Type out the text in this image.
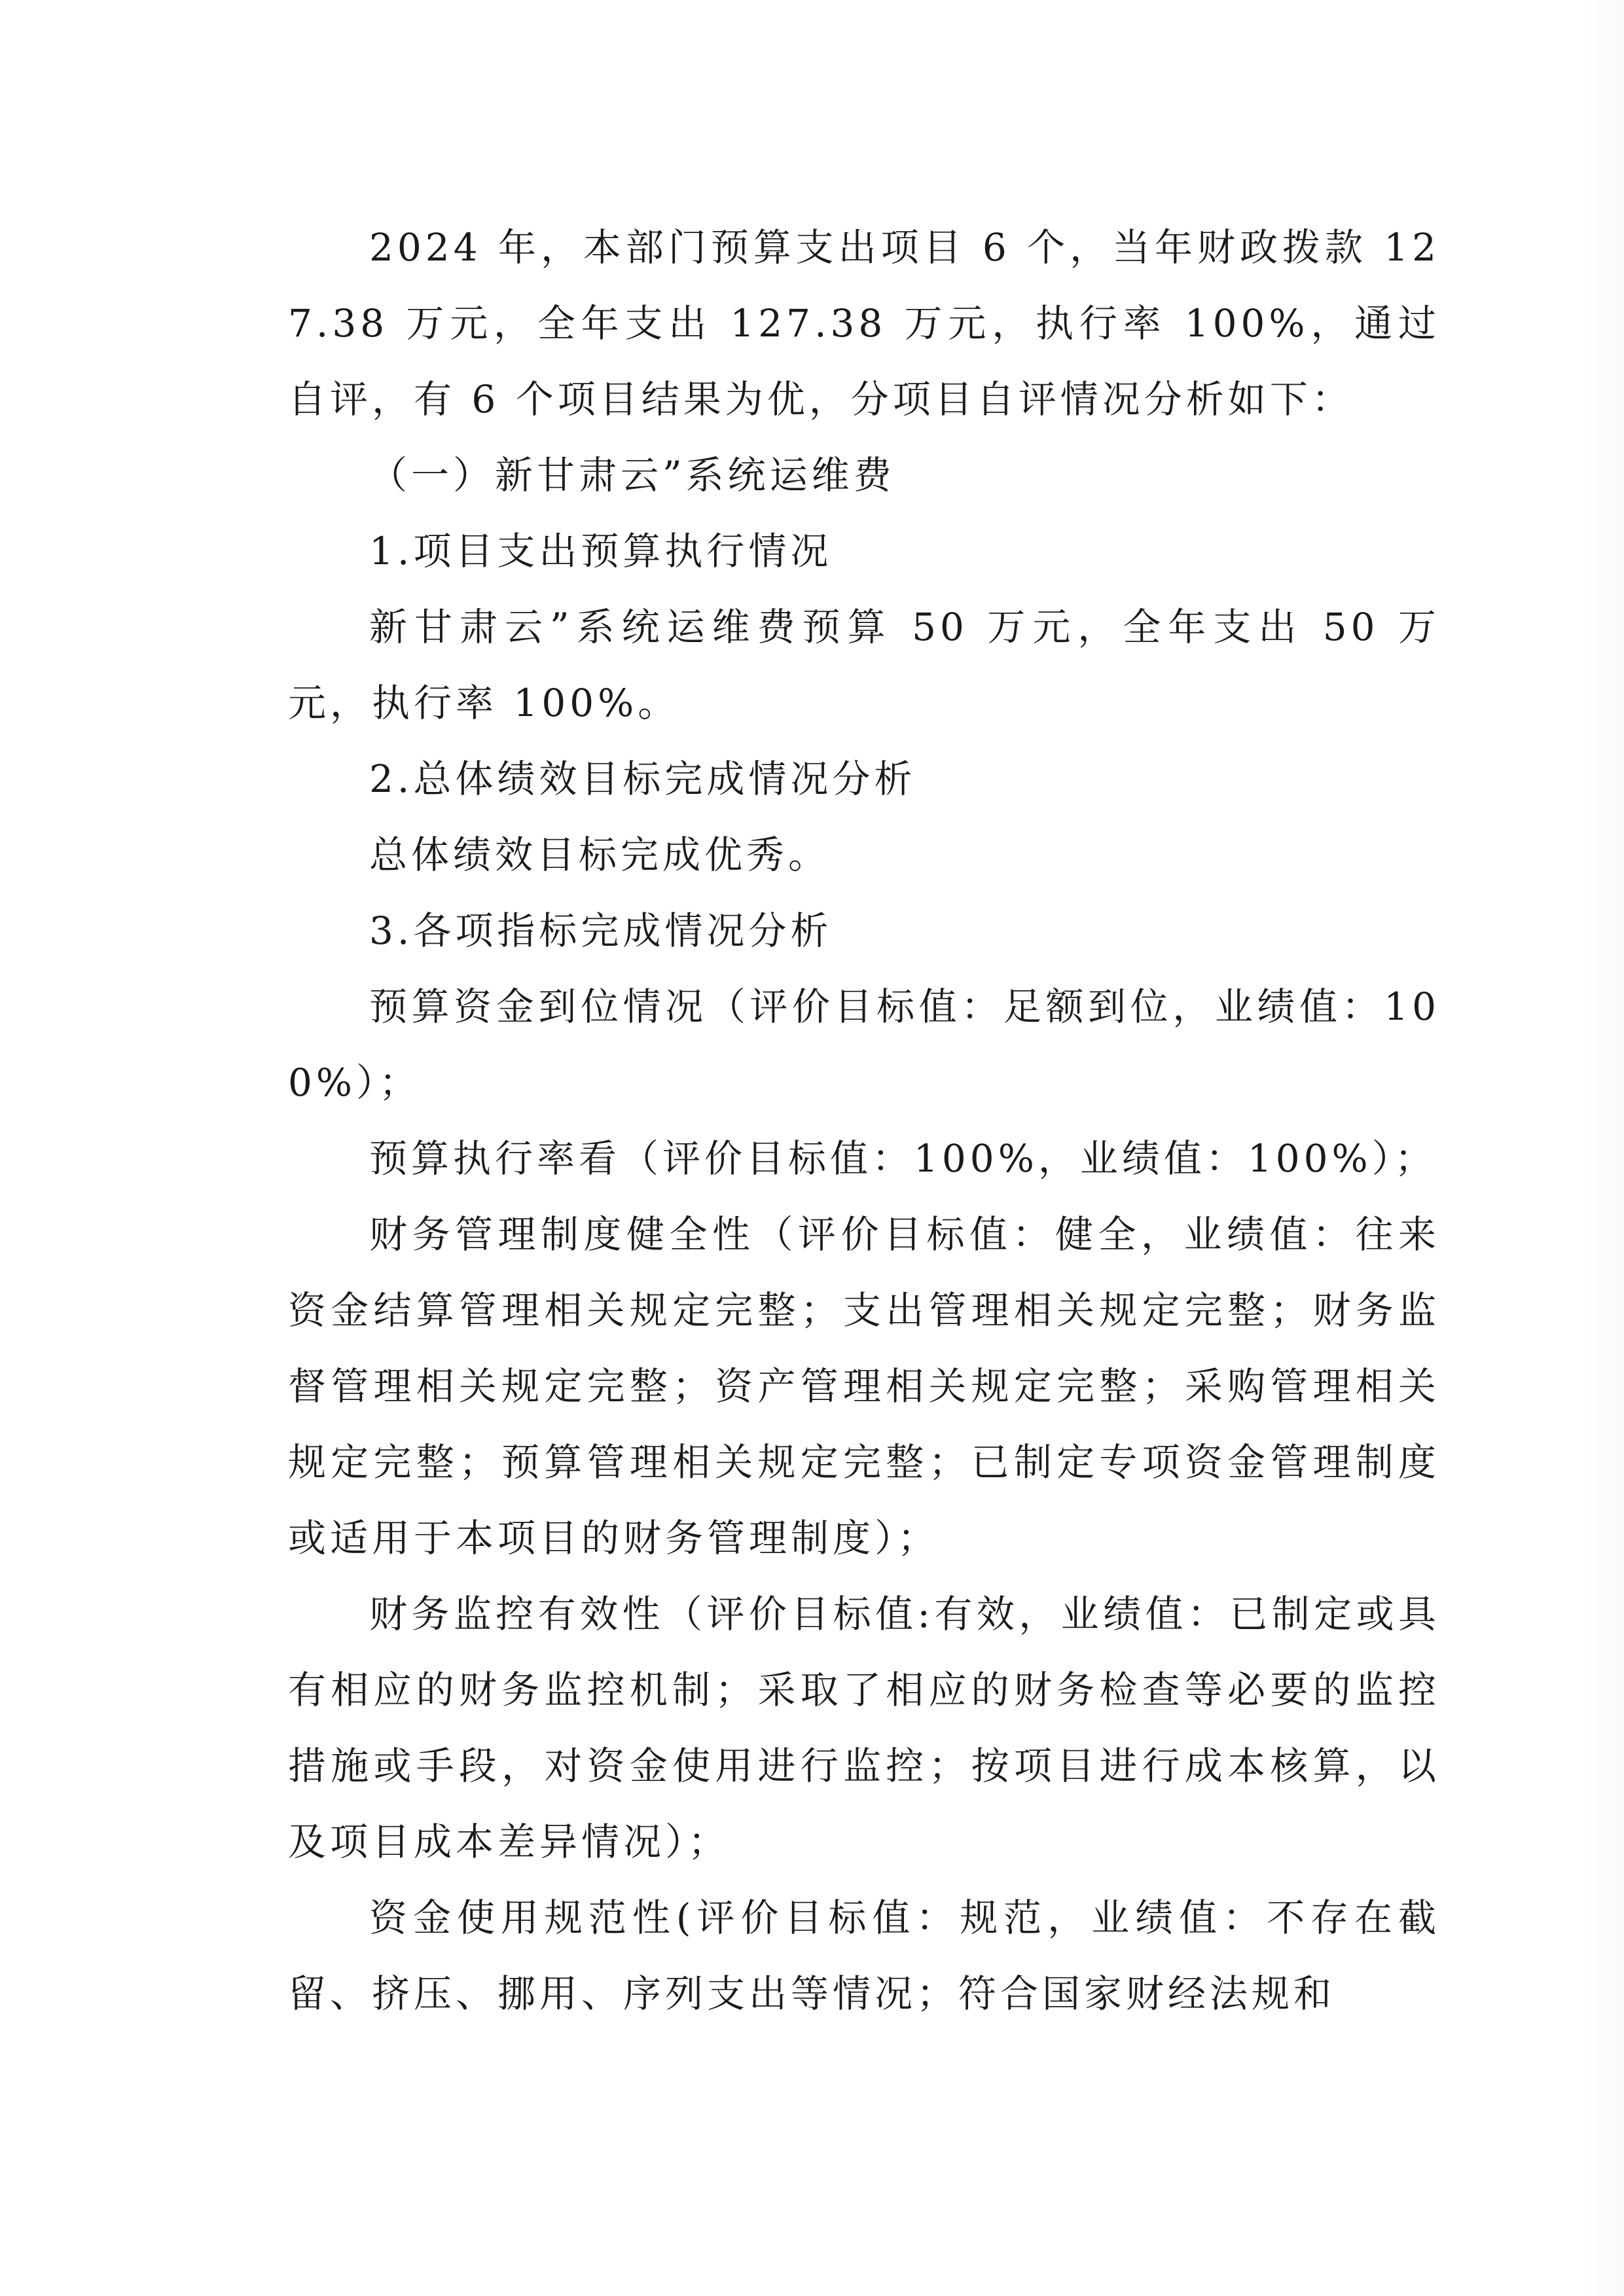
2024 年，本部门预算支出项目 6 个，当年财政拨款 127.38 万元，全年支出 127.38 万元，执行率 100%，通过自评，有 6 个项目结果为优，分项目自评情况分析如下：

（一）新甘肃云”系统运维费

1.项目支出预算执行情况

新甘肃云”系统运维费预算 50 万元，全年支出 50 万元，执行率 100%。

2.总体绩效目标完成情况分析

总体绩效目标完成优秀。

3.各项指标完成情况分析

预算资金到位情况（评价目标值：足额到位，业绩值：100%）；

预算执行率看（评价目标值：100%，业绩值：100%）；

财务管理制度健全性（评价目标值：健全，业绩值：往来资金结算管理相关规定完整；支出管理相关规定完整；财务监督管理相关规定完整；资产管理相关规定完整；采购管理相关规定完整；预算管理相关规定完整；已制定专项资金管理制度或适用于本项目的财务管理制度）；

财务监控有效性（评价目标值:有效，业绩值：已制定或具有相应的财务监控机制；采取了相应的财务检查等必要的监控措施或手段，对资金使用进行监控；按项目进行成本核算，以及项目成本差异情况）；

资金使用规范性(评价目标值：规范，业绩值：不存在截留、挤压、挪用、序列支出等情况；符合国家财经法规和
